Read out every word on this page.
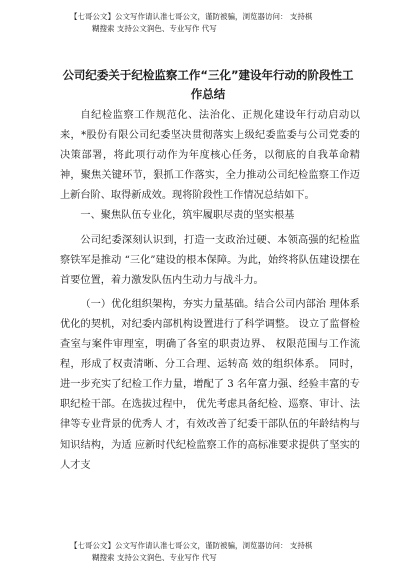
【七哥公文】公文写作请认准七哥公文，谨防被骗，浏览器访问： 支持棋
糊搜索 支持公文润色、专业写作 代写
公司纪委关于纪检监察工作“三化”建设年行动的阶段性工作总结

自纪检监察工作规范化、法治化、正规化建设年行动启动以来，*股份有限公司纪委坚决贯彻落实上级纪委监委与公司党委的决策部署，将此项行动作为年度核心任务，以彻底的自我革命精神，聚焦关键环节，狠抓工作落实，全力推动公司纪检监察工作迈上新台阶、取得新成效。现将阶段性工作情况总结如下。

一、聚焦队伍专业化，筑牢履职尽责的坚实根基

公司纪委深刻认识到，打造一支政治过硬、本领高强的纪检监察铁军是推动 “三化”建设的根本保障。为此，始终将队伍建设摆在首要位置，着力激发队伍内生动力与战斗力。

（一）优化组织架构，夯实力量基础。结合公司内部治 理体系优化的契机，对纪委内部机构设置进行了科学调整。 设立了监督检查室与案件审理室，明确了各室的职责边界、 权限范围与工作流程，形成了权责清晰、分工合理、运转高 效的组织体系。 同时，进一步充实了纪检工作力量，增配了 3 名年富力强、经验丰富的专职纪检干部。在选拔过程中， 优先考虑具备纪检、巡察、审计、法律等专业背景的优秀人 才，有效改善了纪委干部队伍的年龄结构与知识结构，为适 应新时代纪检监察工作的高标准要求提供了坚实的人才支

【七哥公文】公文写作请认准七哥公文，谨防被骗，浏览器访问： 支持棋
糊搜索 支持公文润色、专业写作 代写
